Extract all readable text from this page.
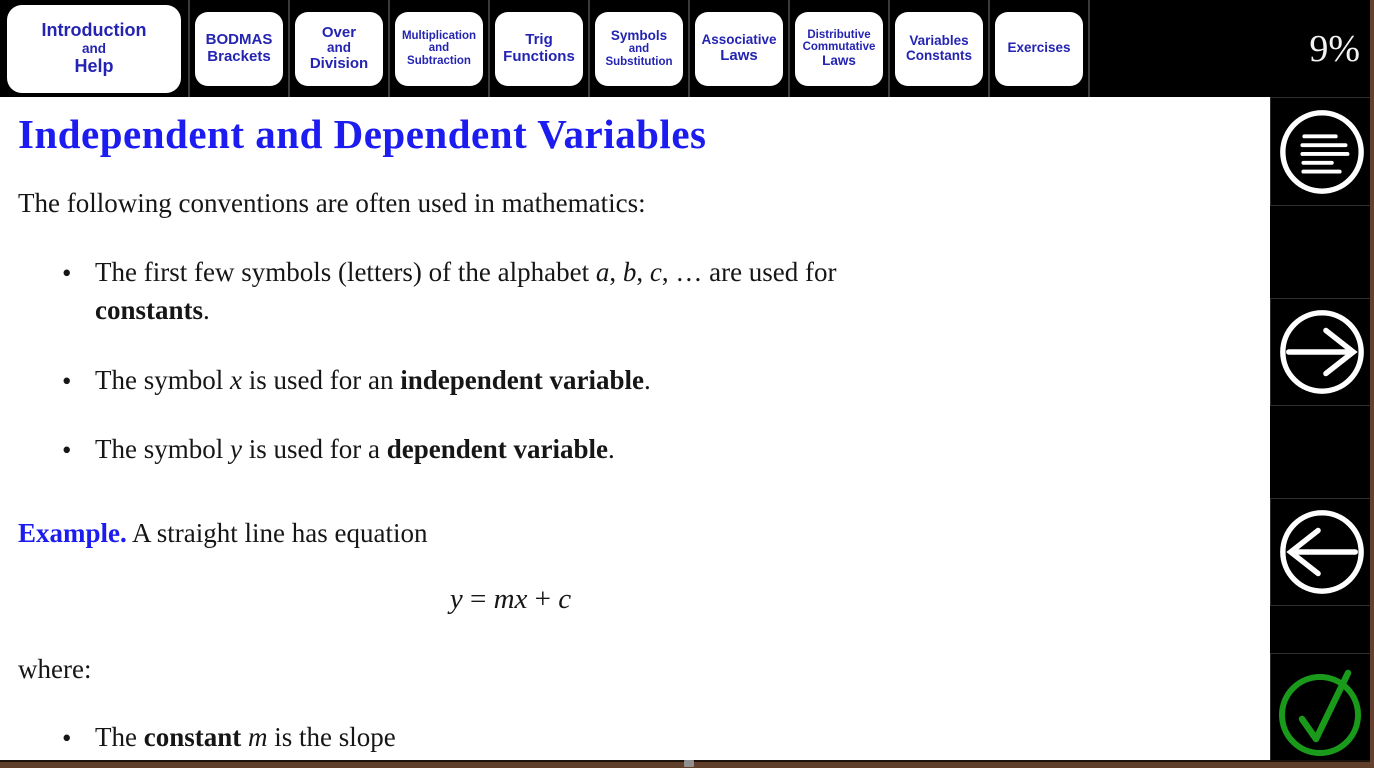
Introduction
and
Help
BODMAS
Brackets
Over
and
Division
Multiplication
and
Subtraction
Trig
Functions
Symbols
and
Substitution
Associative
Laws
Distributive
Commutative
Laws
Variables
Constants	Exercises	9%
Independent and Dependent Variables

The following conventions are often used in mathematics:

• The first few symbols (letters) of the alphabet a, b, c, … are used for constants.
• The symbol x is used for an independent variable.
• The symbol y is used for a dependent variable.

Example. A straight line has equation

y = mx + c

where:

• The constant m is the slope
